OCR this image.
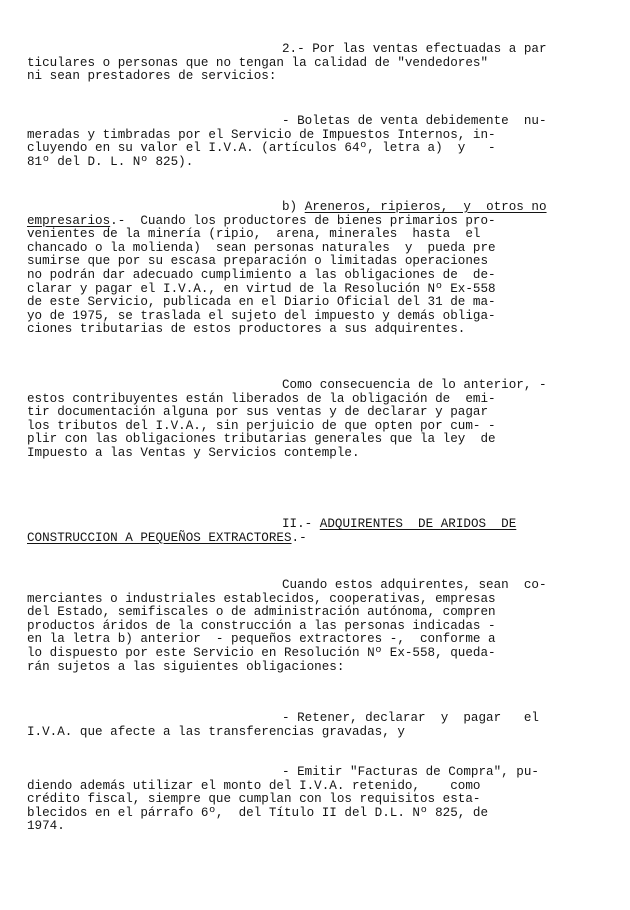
2.- Por las ventas efectuadas a par
ticulares o personas que no tengan la calidad de "vendedores"
ni sean prestadores de servicios:

- Boletas de venta debidemente  nu-
meradas y timbradas por el Servicio de Impuestos Internos, in-
cluyendo en su valor el I.V.A. (artículos 64º, letra a)  y   -
81º del D. L. Nº 825).

b) Areneros, ripieros,  y  otros no
empresarios.-  Cuando los productores de bienes primarios pro-
venientes de la minería (ripio,  arena, minerales  hasta  el
chancado o la molienda)  sean personas naturales  y  pueda pre
sumirse que por su escasa preparación o limitadas operaciones
no podrán dar adecuado cumplimiento a las obligaciones de  de-
clarar y pagar el I.V.A., en virtud de la Resolución Nº Ex-558
de este Servicio, publicada en el Diario Oficial del 31 de ma-
yo de 1975, se traslada el sujeto del impuesto y demás obliga-
ciones tributarias de estos productores a sus adquirentes.

Como consecuencia de lo anterior, -
estos contribuyentes están liberados de la obligación de  emi-
tir documentación alguna por sus ventas y de declarar y pagar
los tributos del I.V.A., sin perjuicio de que opten por cum- -
plir con las obligaciones tributarias generales que la ley  de
Impuesto a las Ventas y Servicios contemple.

II.- ADQUIRENTES  DE ARIDOS  DE
CONSTRUCCION A PEQUEÑOS EXTRACTORES.-

Cuando estos adquirentes, sean  co-
merciantes o industriales establecidos, cooperativas, empresas
del Estado, semifiscales o de administración autónoma, compren
productos áridos de la construcción a las personas indicadas -
en la letra b) anterior  - pequeños extractores -,  conforme a
lo dispuesto por este Servicio en Resolución Nº Ex-558, queda-
rán sujetos a las siguientes obligaciones:

- Retener, declarar  y  pagar   el
I.V.A. que afecte a las transferencias gravadas, y

- Emitir "Facturas de Compra", pu-
diendo además utilizar el monto del I.V.A. retenido,    como
crédito fiscal, siempre que cumplan con los requisitos esta-
blecidos en el párrafo 6º,  del Título II del D.L. Nº 825, de
1974.
